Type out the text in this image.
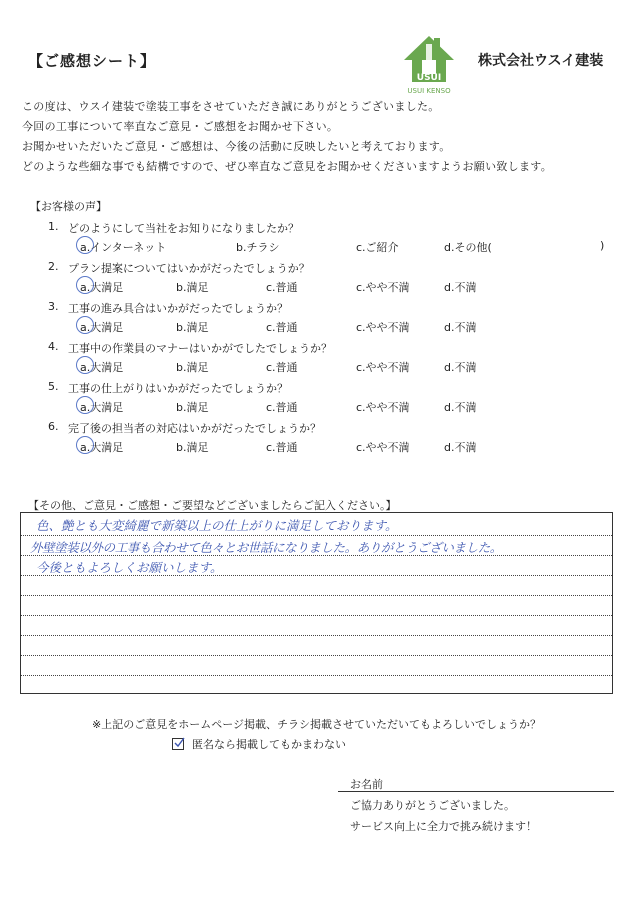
【ご感想シート】
USUI
USUI KENSO
株式会社ウスイ建装
この度は、ウスイ建装で塗装工事をさせていただき誠にありがとうございました。
今回の工事について率直なご意見・ご感想をお聞かせ下さい。
お聞かせいただいたご意見・ご感想は、今後の活動に反映したいと考えております。
どのような些細な事でも結構ですので、ぜひ率直なご意見をお聞かせくださいますようお願い致します。
【お客様の声】
1. どのようにして当社をお知りになりましたか？
a.インターネット	b.チラシ	c.ご紹介	d.その他(	)
2. プラン提案についてはいかがだったでしょうか？
a.大満足	b.満足	c.普通	c.やや不満	d.不満
3. 工事の進み具合はいかがだったでしょうか？
a.大満足	b.満足	c.普通	c.やや不満	d.不満
4. 工事中の作業員のマナーはいかがでしたでしょうか？
a.大満足	b.満足	c.普通	c.やや不満	d.不満
5. 工事の仕上がりはいかがだったでしょうか？
a.大満足	b.満足	c.普通	c.やや不満	d.不満
6. 完了後の担当者の対応はいかがだったでしょうか？
a.大満足	b.満足	c.普通	c.やや不満	d.不満
【その他、ご意見・ご感想・ご要望などございましたらご記入ください。】
色、艶とも大変綺麗で新築以上の仕上がりに満足しております。
外壁塗装以外の工事も合わせて色々とお世話になりました。ありがとうございました。
今後ともよろしくお願いします。
※上記のご意見をホームページ掲載、チラシ掲載させていただいてもよろしいでしょうか？
匿名なら掲載してもかまわない
お名前
ご協力ありがとうございました。
サービス向上に全力で挑み続けます！
